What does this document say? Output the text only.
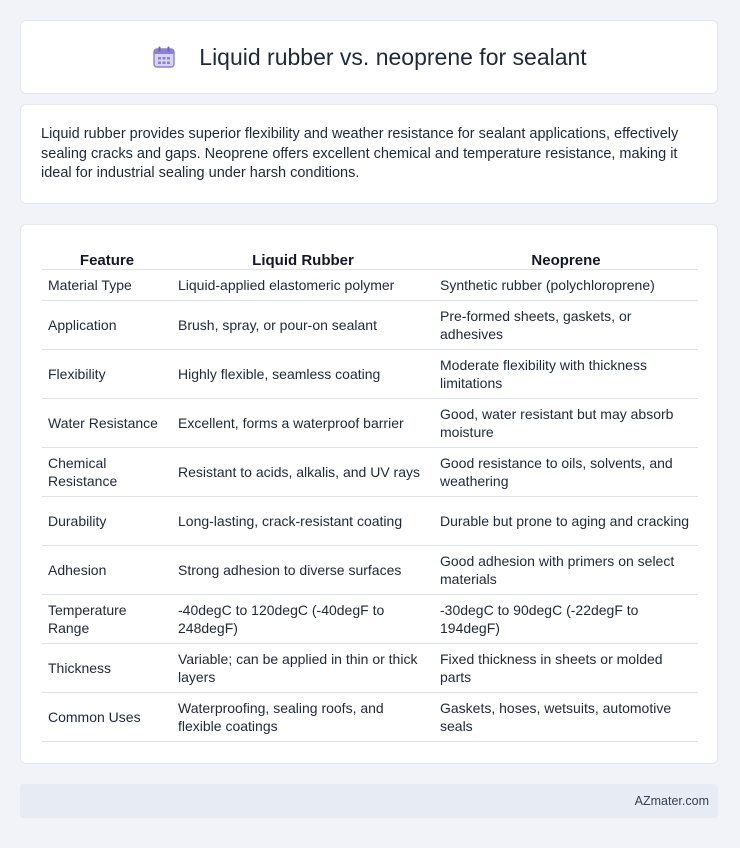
Liquid rubber vs. neoprene for sealant

Liquid rubber provides superior flexibility and weather resistance for sealant applications, effectively sealing cracks and gaps. Neoprene offers excellent chemical and temperature resistance, making it ideal for industrial sealing under harsh conditions.

Feature	Liquid Rubber	Neoprene
Material Type	Liquid-applied elastomeric polymer	Synthetic rubber (polychloroprene)
Application	Brush, spray, or pour-on sealant	Pre-formed sheets, gaskets, or adhesives
Flexibility	Highly flexible, seamless coating	Moderate flexibility with thickness limitations
Water Resistance	Excellent, forms a waterproof barrier	Good, water resistant but may absorb moisture
Chemical Resistance	Resistant to acids, alkalis, and UV rays	Good resistance to oils, solvents, and weathering
Durability	Long-lasting, crack-resistant coating	Durable but prone to aging and cracking
Adhesion	Strong adhesion to diverse surfaces	Good adhesion with primers on select materials
Temperature Range	-40degC to 120degC (-40degF to 248degF)	-30degC to 90degC (-22degF to 194degF)
Thickness	Variable; can be applied in thin or thick layers	Fixed thickness in sheets or molded parts
Common Uses	Waterproofing, sealing roofs, and flexible coatings	Gaskets, hoses, wetsuits, automotive seals
AZmater.com
